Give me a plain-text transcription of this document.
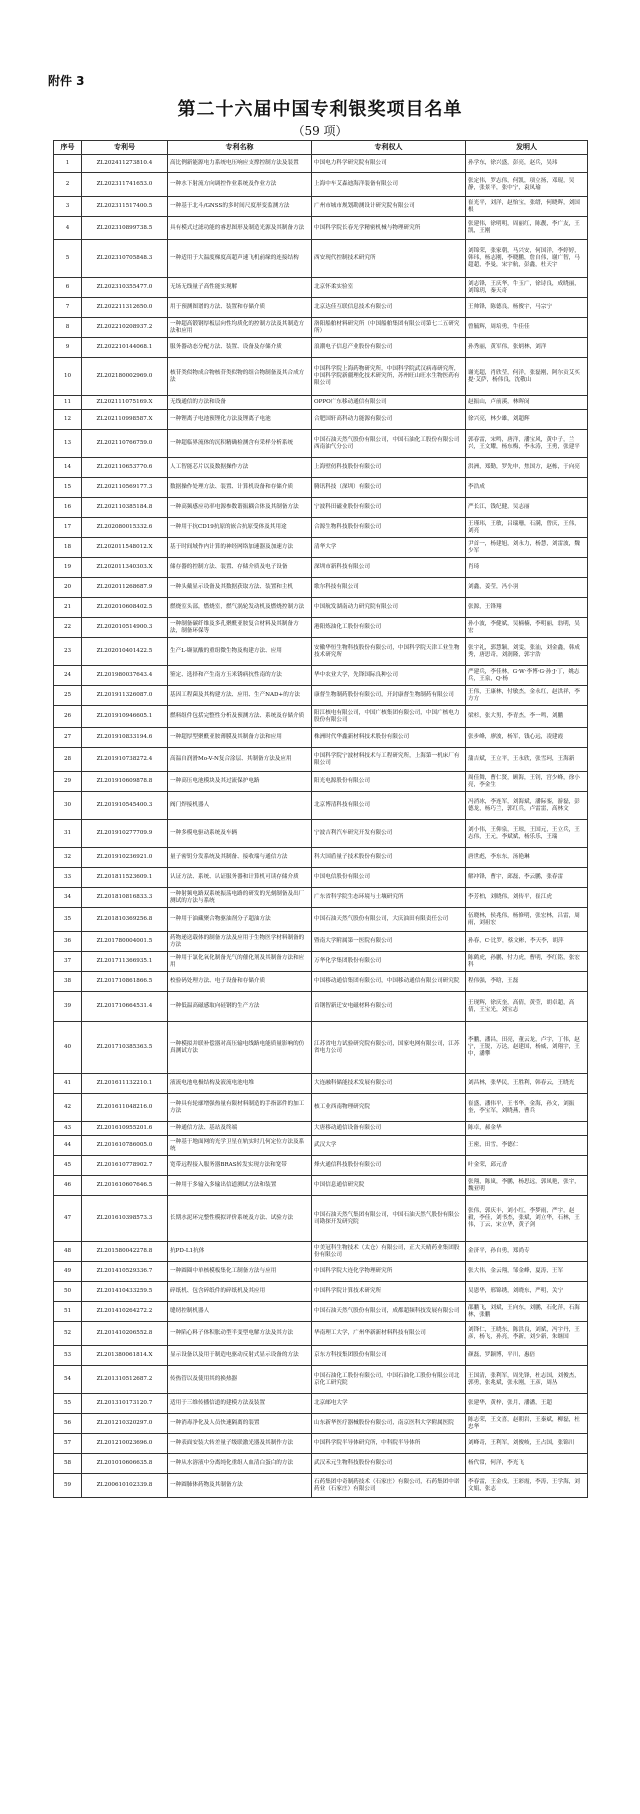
附件 3
第二十六届中国专利银奖项目名单
（59 项）
序号	专利号	专利名称	专利权人	发明人
1	ZL202411273810.4	高比例新能源电力系统电压响应支撑控制方法及装置	中国电力科学研究院有限公司	孙学东，徐兴盛，彭亮，赵兵，吴玮
2	ZL202311741653.0	一种水下射流方向调控作业系统及作业方法	上海中车艾森迪海洋装备有限公司	张定伟，罗志伟，何凯，项立扬，邓琨，吴静，张景平，张中宁，袁凤瑜
3	ZL202311517400.5	一种基于北斗/GNSS的多时间尺度形变监测方法	广州市城市规划勘测设计研究院有限公司	崔光平，刘洋，赵怡宝，张缙，何晓晖，刘国根
4	ZL202310899738.5	具有模式过滤功能的睿思图形及制造光源及其制备方法	中国科学院长春光学精密机械与物理研究所	张建伟，徐明明，周丽红，陈靓，李广友，王凯，王刚
5	ZL202310705848.3	一种适用于大温度梯度高超声速飞机前缘的连接结构	西安现代控制技术研究所	刘锦荣，张家朝，马兴安，何国洋，李婷婷，韩玮，杨志刚，李晓鹏，詹自伟，谢广智，马超超，李曼，宋宇航，彭鑫，杜天宇
6	ZL202310355477.0	无场无线量子高性能实现解	北京怀柔实验室	刘志锋，王庆华，牛玉广，徐诗良，成晓丽，刘锦玥，秦天奇
7	ZL202211312650.0	用于预测图谱的方法、装置和存储介质	北京达佳互联信息技术有限公司	王帅锋，陈德良，杨俊宇，马宗宁
8	ZL202210208937.2	一种超高锻钢厚板层向性均质化的控制方法及其制造方法和应用	洛阳船舶材料研究所（中国船舶集团有限公司第七二五研究所）	曾毓辉，周培勇，牛佳佳
9	ZL202210144068.1	服务器动态分配方法、装置、设备及存储介质	浪潮电子信息产业股份有限公司	孙秀丽，黄军伟，张炳林，刘洋
10	ZL202180002969.0	核苷类似物成合物核苷类似物的组合物制备及其合成方法	中国科学院上海药物研究所，中国科学院武汉病毒研究所，中国科学院新疆理化技术研究所，苏州旺山旺水生物医药有限公司	谢光超，肖欣莹，何洋，张磊刚，阿尔贡艾买提·艾萨，杨伟良，沈敬山
11	ZL202111075169.X	无线通信的方法和设备	OPPO广东移动通信有限公司	赵振山，卢前溪，林晖闵
12	ZL202110998587.X	一种锂离子电池预锂化方法及锂离子电池	合肥国轩高科动力能源有限公司	徐兴亮，林少雄，刘超辉
13	ZL202110766759.0	一种超临界流体的沉积精确检测含有采样分析系统	中国石油天然气股份有限公司，中国石油化工股份有限公司西南油气分公司	郭春雷，宋鸣，唐洋，潘宝风，黄中子，兰兴，王文耀，杨东梅，李永涛，王勇，张建平
14	ZL202110653770.6	人工智能芯片以及数据操作方法	上海壁仞科技股份有限公司	洪洲，郑勤，罗先申，焦国方，赵栋，于向亮
15	ZL202110569177.3	数据操作处理方法、装置、计算机设备和存储介质	腾讯科技（深圳）有限公司	李浩成
16	ZL202110385184.8	一种高频感应功率电源参数谐振耦合体及其制备方法	宁波科田磁业股份有限公司	严长江，钱纪健，吴志丽
17	ZL202080015332.6	一种用于抗CD19抗原的嵌合抗原受体及其用途	合源生物科技股份有限公司	王瑾玮，王敏，吕瑞珊，石满，曾庆，王伟，刘亮
18	ZL202011548012.X	基于时间域作内计算的神经网络加速器及加速方法	清华大学	尹首一，杨建旭，刘永力，杨慧，刘雷波，魏少军
19	ZL202011340303.X	储存器的控制方法、装置、存储介质及电子设备	深圳市新科技有限公司	肖琦
20	ZL202011268687.9	一种头戴显示设备及其数据获取方法、装置和主机	歌尔科技有限公司	刘鑫，姜莹，冯小羽
21	ZL202010608402.5	燃烧室头部，燃烧室，燃气涡轮发动机及燃烧控制方法	中国航发湖南动力研究院有限公司	张源，王锋翔
22	ZL202010514900.3	一种制备碳纤维及多孔聚酰亚胺复合材料及其制备方法，制备环保等	港阳炼油化工股份有限公司	孙小波，李健斌，吴楠楠，李明丽，翁明，吴宏
23	ZL202010401422.5	生产L-缬氨酸的重组微生物及构建方法、应用	安徽华恒生物科技股份有限公司，中国科学院天津工业生物技术研究所	张宇礼，郭慧颖，刘雯，张汕，刘金鑫，韩成秀，唐思奇，刘润隆，郭宇浩
24	ZL201980037643.4	鉴定、选择和产生南方玉米锈病抗性南的方法	华中农业大学，先锋国际良种公司	严建兵，李佳林，G·W·李博·G·孙·J·丁，姚志兵，王泉，Q·杨
25	ZL201911326087.0	基因工程菌及其构建方法、应用、生产NAD+的方法	康督生物制药股份有限公司，开封康督生物制药有限公司	王伟，王康林，付敏杰，金永红，赵洪祥，李方方
26	ZL201910946605.1	燃料组件包括完整性分析及预测方法、系统及存储介质	阳江核电有限公司，中国广核集团有限公司，中国广核电力股份有限公司	梁杉，张大男，李青杰，李一鸣，刘鹏
27	ZL201910833194.6	一种超厚型聚酰亚胺薄膜及其制备方法和应用	株洲时代华鑫新材料技术股份有限公司	张步峰，廖波，杨军，钱心远，凌建霞
28	ZL201910738272.4	高温自润滑Mo-V-N复合涂层、其制备方法及应用	中国科学院宁波材料技术与工程研究所，上海第一机床厂有限公司	蒲吉斌，王立平，王永欣，张雪珂，王海新
29	ZL201910609878.8	一种高压电池模块及其过流保护电路	阳光电源股份有限公司	周佳舞，曹仁贤，顾海，王钊，宫少峰，徐小亮，李金生
30	ZL201910545400.3	阀门焊接机器人	北京博清科技有限公司	冯消冰，李连军，刘海斌，潘际銮，游磊，彭德龙，杨巧兰，郭红兵，卢雷雷，高林文
31	ZL201910277709.9	一种多模电驱动系统及车辆	宁波吉利汽车研究开发有限公司	刘小伟，王仰泉，王琼，王国元，王立兵，王志伟，王元，李斌斌，杨乐乐，王瑞
32	ZL201910236921.0	量子密钥分发系统及其制备、接收端与通信方法	科大国盾量子技术股份有限公司	唐世彪，李东东，汤艳琳
33	ZL201811523609.1	认证方法、系统、认证服务器和计算机可读存储介质	中国电信股份有限公司	解冲锋，曹宇，邱磊，李云鹏，张春雷
34	ZL201810816833.3	一种射频电路双系统振荡电路的研发的光刻制备及出厂测试的方法与系统	广东省科学院生态环境与土壤研究所	李芳柏，刘晓伟，刘传平，崔江虎
35	ZL201810369256.8	一种用于油藏聚合物驱油剂分子超油方法	中国石油天然气股份有限公司，大庆油田有限责任公司	伍晓林，侯兆伟，杨修明，张宏林，吕雷，周雨，刘祖宏
36	ZL201780004001.5	药物递送载体的制备方法及应用于生物医学材料制备的方法	暨南大学附属第一医院有限公司	孙春，C·比罗，蔡文彬，李天李，胡萍
37	ZL201711366935.1	一种用于氯化氧化制备光气的催化剂及其制备方法和应用	万华化学集团股份有限公司	陈鹤虎，孙鹏，付力虎，曹明，李红铭，张宏科
38	ZL201710861866.5	校验码处理方法、电子设备和存储介质	中国移动通信集团有限公司，中国移动通信有限公司研究院	程伟强，李晗，王磊
39	ZL201710664531.4	一种低温高磁感取向硅钢的生产方法	首钢智新迁安电磁材料有限公司	王现辉，徐庆奎，高倩，黄莹，胡卓超，高倩，王宝光，刘宝志
40	ZL201710385363.5	一种模拟并联补偿器对高压输电线路电能质量影响的仿真测试方法	江苏省电力试验研究院有限公司，国家电网有限公司，江苏省电力公司	李鹏，潘昌，田亮，董云龙，卢宇，丁伟，赵宁，王锐，万达，赵建国，杨威，刘翔宇，王中，潘攀
41	ZL201611132210.1	液流电池电极结构及液流电池电堆	大连融科储能技术发展有限公司	刘昌林，张华民，王胜利，韩春云，王晓光
42	ZL201611048216.0	一种具有轮廓增强热量有限材料制造的手指部件的加工方法	核工业西南物理研究院	崔盛，潘伟平，王书华，金海，孙文，刘振奎，李宝军，刘晓燕，曹兵
43	ZL201610955201.6	一种通信方法、基站及终端	大唐移动通信设备有限公司	陈卓，郝金华
44	ZL201610786005.0	一种基于地面网的光学卫星在轨实时几何定位方法及系统	武汉大学	王密，田雪，李德仁
45	ZL201610778902.7	宽带远程接入服务器BRAS转发实现方法和宽带	烽火通信科技股份有限公司	叶金荣，邱元香
46	ZL201610607646.5	一种用于多输入多输出信道测试方法和装置	中国信息通信研究院	张翔，陈岚，李鹏，杨思远，郭凤艳，张宇，魏亚明
47	ZL201610398573.3	长期水泥环完整性模拟评价系统及方法、试验方法	中国石油天然气集团有限公司，中国石油天然气股份有限公司勘探开发研究院	张伟，郭庆丰，刘小红，李梦雨，严宇，赵毅，李佳，刘书杰，张斌，刘立华，石林，王伟，丁云，宋立华，黄子剑
48	ZL201580042278.8	抗PD-L1抗体	中美冠科生物技术（太仓）有限公司，正大天晴药业集团股份有限公司	金济平，孙自勇，郑尚专
49	ZL201410529336.7	一种圆圈中单核模板集化工制备方法与应用	中国科学院大连化学物理研究所	张大伟，金云翔，邹金峰，夏涛，王军
50	ZL201410433259.5	碎纸机、包含碎纸件的碎纸机及其应用	中国科学院计算技术研究所	吴恩华，邢锦绣，刘晓东，严明，关宁
51	ZL201410264272.2	缝纫控制机器人	中国石油天然气股份有限公司，成都超频科技发展有限公司	邵鹏飞，刘斌，王向东，刘鹏，石化萍，石海林，张鹏
52	ZL201410206552.8	一种陷心料子体积胀动型半变型电解方法及其方法	华南理工大学，广州华新新材料科技有限公司	刘锋仁，王晓东，陈洪良，刘斌，冯宇丹，王彦，杨飞，孙亮，李新，刘少新，朱继国
53	ZL201380061814.X	显示设备以及用于制造电驱动反射式显示设备的方法	京东方科技集团股份有限公司	颜磊，罗颖博，平川，惠倍
54	ZL201310512687.2	传热管以及使用其的换热器	中国石油化工股份有限公司，中国石油化工股份有限公司北京化工研究院	王国清，张利军，周先锋，杜志国，刘俊杰，郭勇，张兆斌，张永刚，王彦，周丛
55	ZL201310173120.7	适用于三维传播信道的建模方法及装置	北京邮电大学	张建华，黄梓，张月，潘潘，王超
56	ZL201210320297.0	一种消毒净化及人员快速隔离的装置	山东新华医疗器械股份有限公司，南京医科大学附属医院	陈志荣，王文喜，赵朝岩，王秦斌，柳磊，杜忠华
57	ZL201210023696.0	一种表面安装大转差量子级联激光器及其制作方法	中国科学院半导体研究所，中科院半导体所	刘峰奇，王利军，刘俊岐，王占国，张锦川
58	ZL201010606635.8	一种从水溶液中分离纯化重组人血清白蛋白的方法	武汉禾元生物科技股份有限公司	杨代常，何洋，李光飞
59	ZL200610102339.8	一种圆肺体药物及其制备方法	石药集团中奇制药技术（石家庄）有限公司，石药集团中诺药业（石家庄）有限公司	李春雷，王金戌，王彩霞，李涛，王学海，刘文娟，张志
